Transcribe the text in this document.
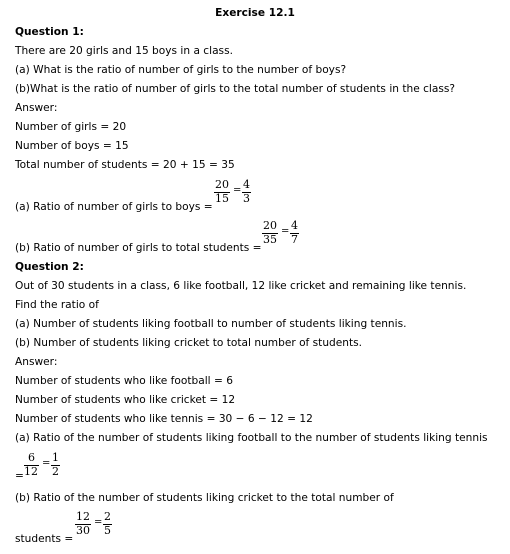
Exercise 12.1
Question 1:
There are 20 girls and 15 boys in a class.
(a) What is the ratio of number of girls to the number of boys?
(b)What is the ratio of number of girls to the total number of students in the class?
Answer:
Number of girls = 20
Number of boys = 15
Total number of students = 20 + 15 = 35
(a) Ratio of number of girls to boys =
20
15
= 4
3
(b) Ratio of number of girls to total students =
20
35
= 4
7
Question 2:
Out of 30 students in a class, 6 like football, 12 like cricket and remaining like tennis.
Find the ratio of
(a) Number of students liking football to number of students liking tennis.
(b) Number of students liking cricket to total number of students.
Answer:
Number of students who like football = 6
Number of students who like cricket = 12
Number of students who like tennis = 30 − 6 − 12 = 12
(a) Ratio of the number of students liking football to the number of students liking tennis
=
6
12
= 1
2
(b) Ratio of the number of students liking cricket to the total number of
students =
12
30
= 2
5
